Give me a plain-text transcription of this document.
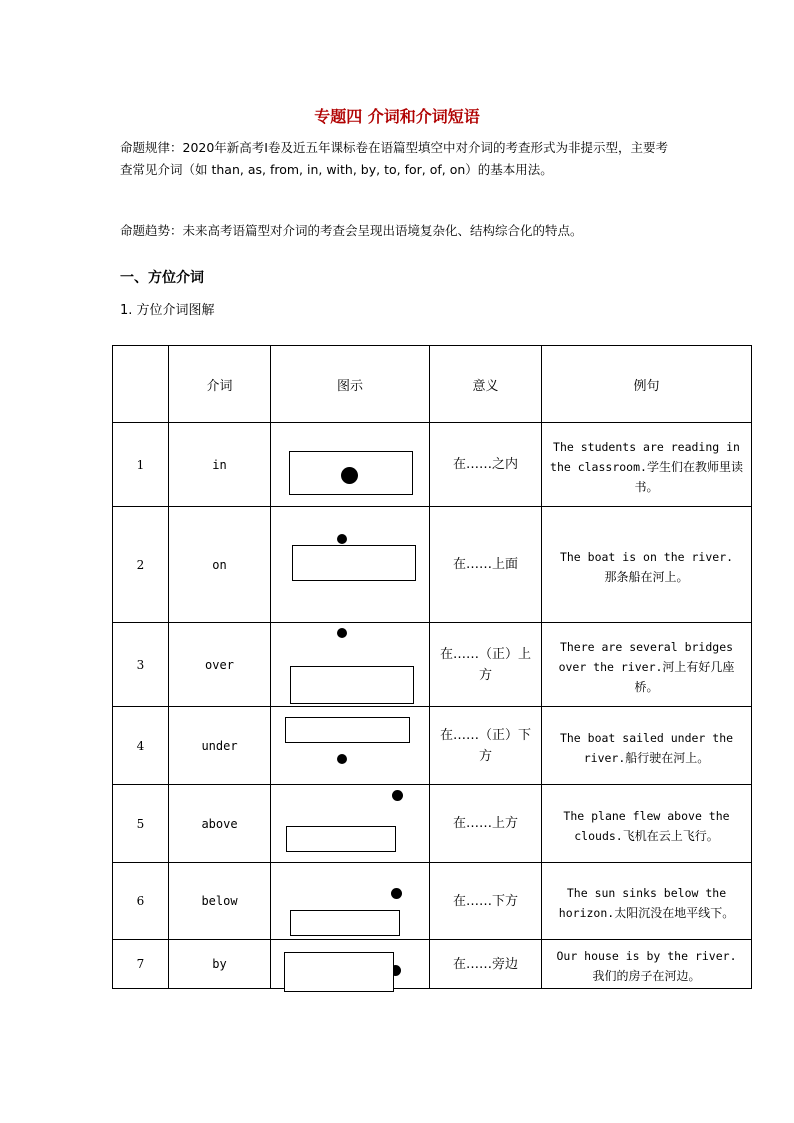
专题四 介词和介词短语
命题规律：2020年新高考Ⅰ卷及近五年课标卷在语篇型填空中对介词的考查形式为非提示型，主要考查常见介词（如 than, as, from, in, with, by, to, for, of, on）的基本用法。
命题趋势：未来高考语篇型对介词的考查会呈现出语境复杂化、结构综合化的特点。
一、方位介词
1. 方位介词图解
	介词	图示	意义	例句
1	in		在……之内	The students are reading in the classroom.学生们在教师里读书。
2	on		在……上面	The boat is on the river.
那条船在河上。
3	over		在……（正）上方	There are several bridges over the river.河上有好几座桥。
4	under		在……（正）下方	The boat sailed under the river.船行驶在河上。
5	above		在……上方	The plane flew above the clouds.飞机在云上飞行。
6	below		在……下方	The sun sinks below the horizon.太阳沉没在地平线下。
7	by		在……旁边	Our house is by the river.
我们的房子在河边。
